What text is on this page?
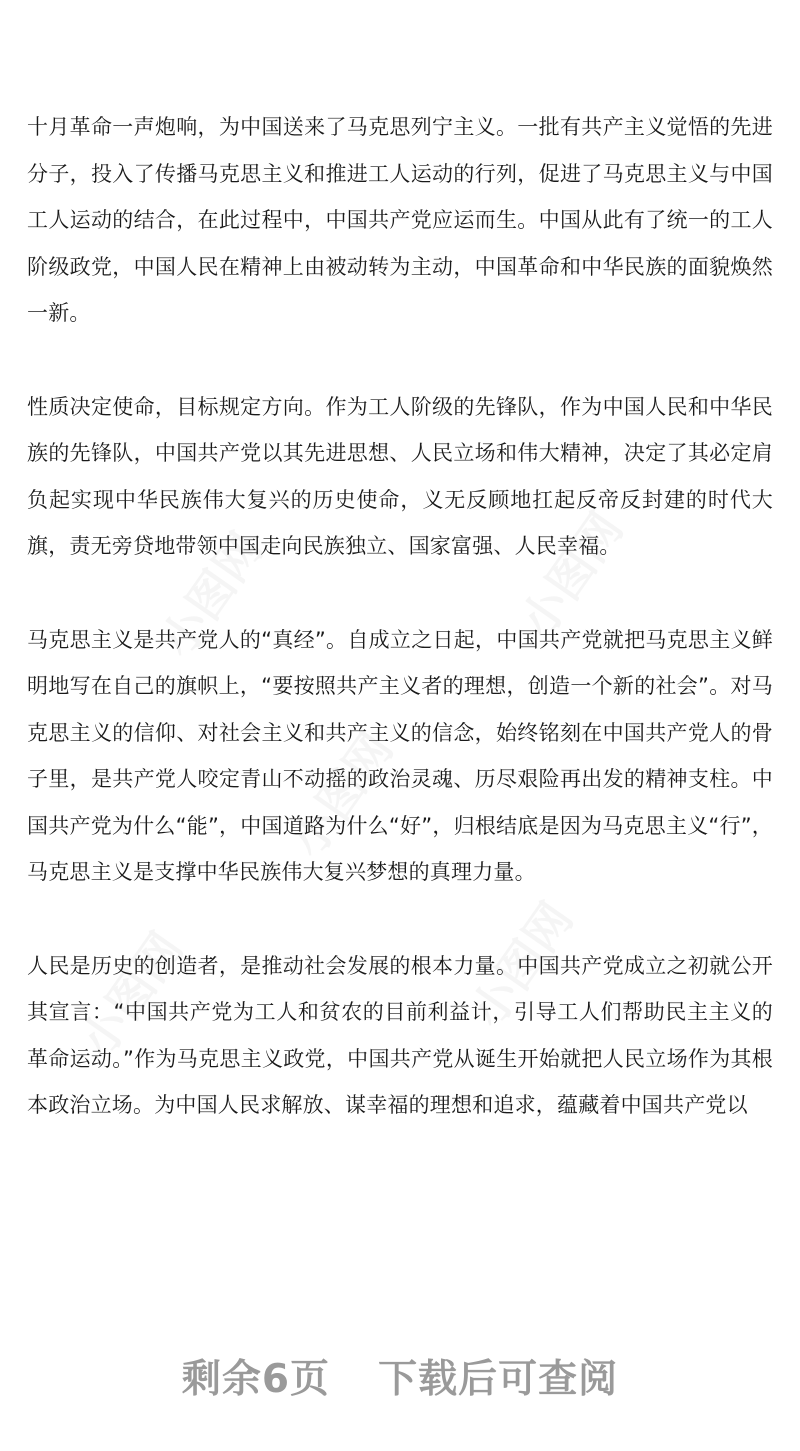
小图网	小图网
小图网
小图网	小图网

十月革命一声炮响，为中国送来了马克思列宁主义。一批有共产主义觉悟的先进分子，投入了传播马克思主义和推进工人运动的行列，促进了马克思主义与中国工人运动的结合，在此过程中，中国共产党应运而生。中国从此有了统一的工人阶级政党，中国人民在精神上由被动转为主动，中国革命和中华民族的面貌焕然一新。

性质决定使命，目标规定方向。作为工人阶级的先锋队，作为中国人民和中华民族的先锋队，中国共产党以其先进思想、人民立场和伟大精神，决定了其必定肩负起实现中华民族伟大复兴的历史使命，义无反顾地扛起反帝反封建的时代大旗，责无旁贷地带领中国走向民族独立、国家富强、人民幸福。

马克思主义是共产党人的“真经”。自成立之日起，中国共产党就把马克思主义鲜明地写在自己的旗帜上，“要按照共产主义者的理想，创造一个新的社会”。对马克思主义的信仰、对社会主义和共产主义的信念，始终铭刻在中国共产党人的骨子里，是共产党人咬定青山不动摇的政治灵魂、历尽艰险再出发的精神支柱。中国共产党为什么“能”，中国道路为什么“好”，归根结底是因为马克思主义“行”，马克思主义是支撑中华民族伟大复兴梦想的真理力量。

人民是历史的创造者，是推动社会发展的根本力量。中国共产党成立之初就公开其宣言：“中国共产党为工人和贫农的目前利益计，引导工人们帮助民主主义的革命运动。”作为马克思主义政党，中国共产党从诞生开始就把人民立场作为其根本政治立场。为中国人民求解放、谋幸福的理想和追求，蕴藏着中国共产党以

剩余6页 下载后可查阅
